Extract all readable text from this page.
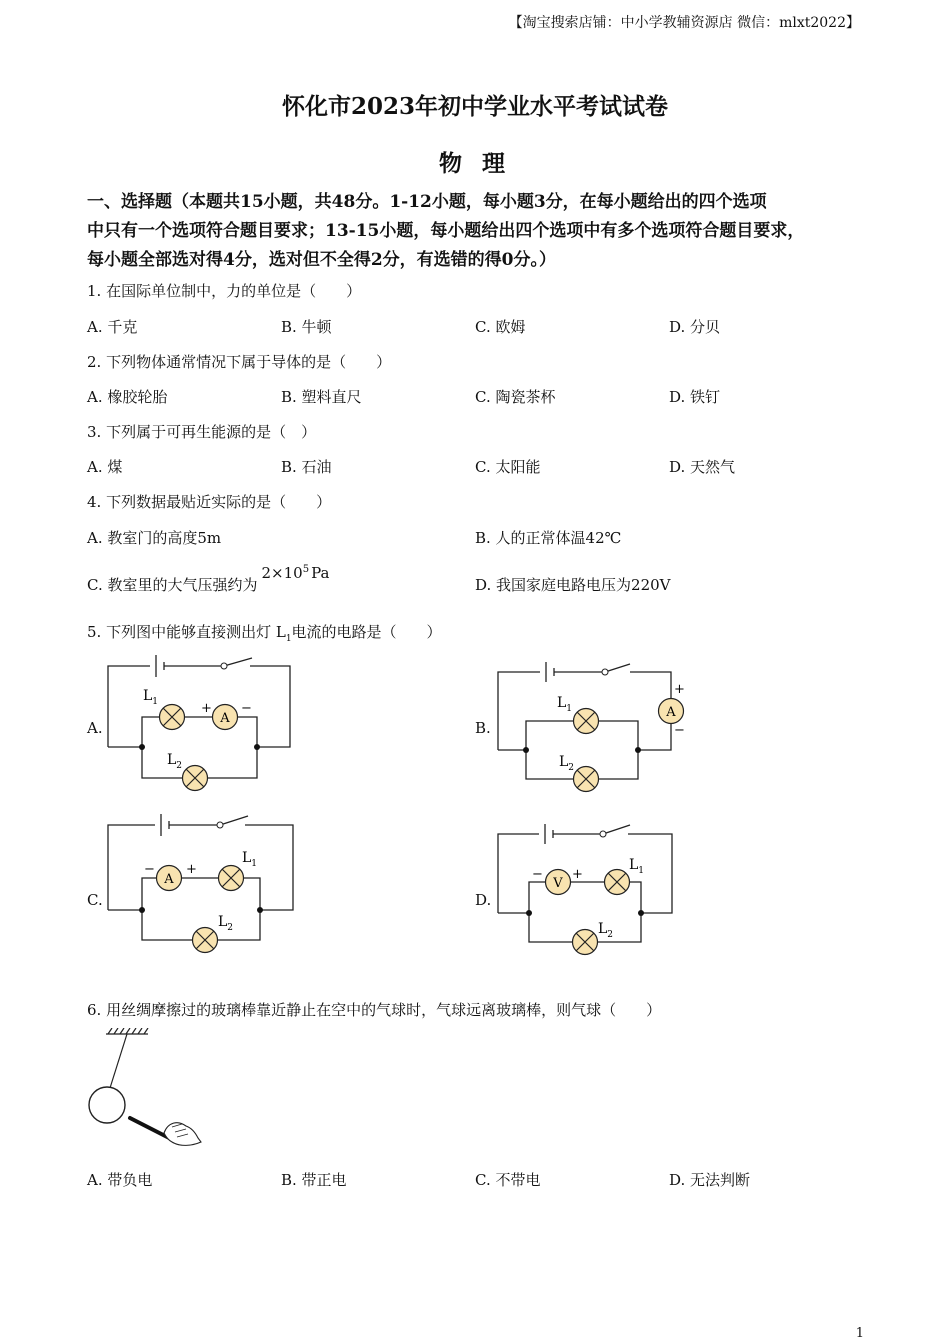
【淘宝搜索店铺：中小学教辅资源店 微信：mlxt2022】
怀化市2023年初中学业水平考试试卷
物 理
一、选择题（本题共15小题，共48分。1-12小题，每小题3分，在每小题给出的四个选项
中只有一个选项符合题目要求；13-15小题，每小题给出四个选项中有多个选项符合题目要求，
每小题全部选对得4分，选对但不全得2分，有选错的得0分。）
1. 在国际单位制中，力的单位是（　　）
A. 千克	B. 牛顿	C. 欧姆	D. 分贝
2. 下列物体通常情况下属于导体的是（　　）
A. 橡胶轮胎	B. 塑料直尺	C. 陶瓷茶杯	D. 铁钉
3. 下列属于可再生能源的是（　）
A. 煤	B. 石油	C. 太阳能	D. 天然气
4. 下列数据最贴近实际的是（　　）
A. 教室门的高度5m	B. 人的正常体温42℃
C. 教室里的大气压强约为$2\times 10^5$ Pa
D. 我国家庭电路电压为220V
5. 下列图中能够直接测出灯 $L_1$电流的电路是（　　）
A.	B.
C.	D.
A
+ −
$L_1$
$L_2$
A
+
−
$L_1$
$L_2$
A
− +
$L_1$
$L_2$
V
− +
$L_1$
$L_2$
6. 用丝绸摩擦过的玻璃棒靠近静止在空中的气球时，气球远离玻璃棒，则气球（　　）
A. 带负电	B. 带正电	C. 不带电	D. 无法判断
1
